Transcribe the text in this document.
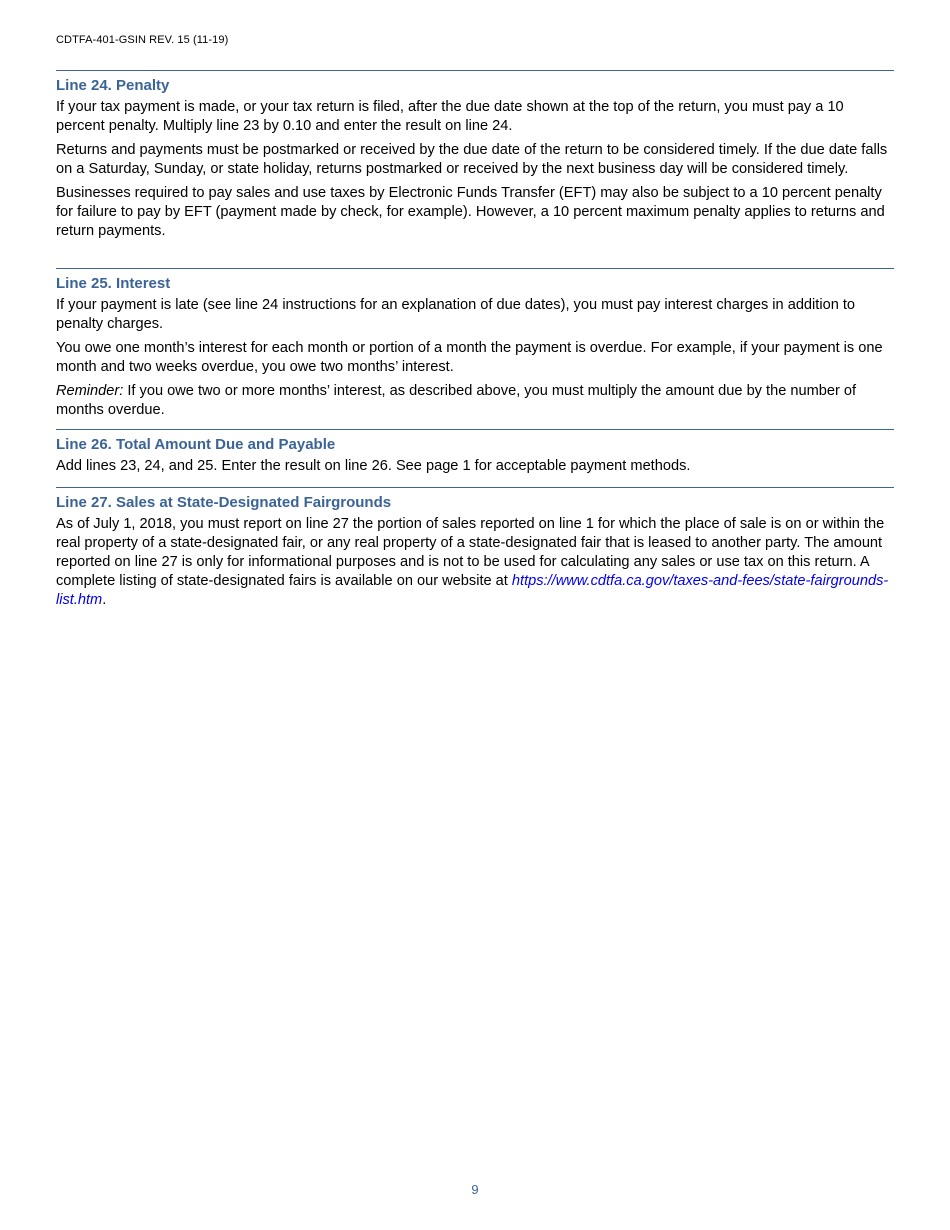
CDTFA-401-GSIN REV. 15 (11-19)
Line 24. Penalty

If your tax payment is made, or your tax return is filed, after the due date shown at the top of the return, you must pay a 10 percent penalty. Multiply line 23 by 0.10 and enter the result on line 24.

Returns and payments must be postmarked or received by the due date of the return to be considered timely. If the due date falls on a Saturday, Sunday, or state holiday, returns postmarked or received by the next business day will be considered timely.

Businesses required to pay sales and use taxes by Electronic Funds Transfer (EFT) may also be subject to a 10 percent penalty for failure to pay by EFT (payment made by check, for example). However, a 10 percent maximum penalty applies to returns and return payments.

Line 25. Interest

If your payment is late (see line 24 instructions for an explanation of due dates), you must pay interest charges in addition to penalty charges.

You owe one month’s interest for each month or portion of a month the payment is overdue. For example, if your payment is one month and two weeks overdue, you owe two months’ interest.

Reminder: If you owe two or more months’ interest, as described above, you must multiply the amount due by the number of months overdue.

Line 26. Total Amount Due and Payable

Add lines 23, 24, and 25. Enter the result on line 26. See page 1 for acceptable payment methods.

Line 27. Sales at State-Designated Fairgrounds

As of July 1, 2018, you must report on line 27 the portion of sales reported on line 1 for which the place of sale is on or within the real property of a state-designated fair, or any real property of a state-designated fair that is leased to another party. The amount reported on line 27 is only for informational purposes and is not to be used for calculating any sales or use tax on this return. A complete listing of state-designated fairs is available on our website at https://www.cdtfa.ca.gov/taxes-and-fees/state-fairgrounds-list.htm.

9
